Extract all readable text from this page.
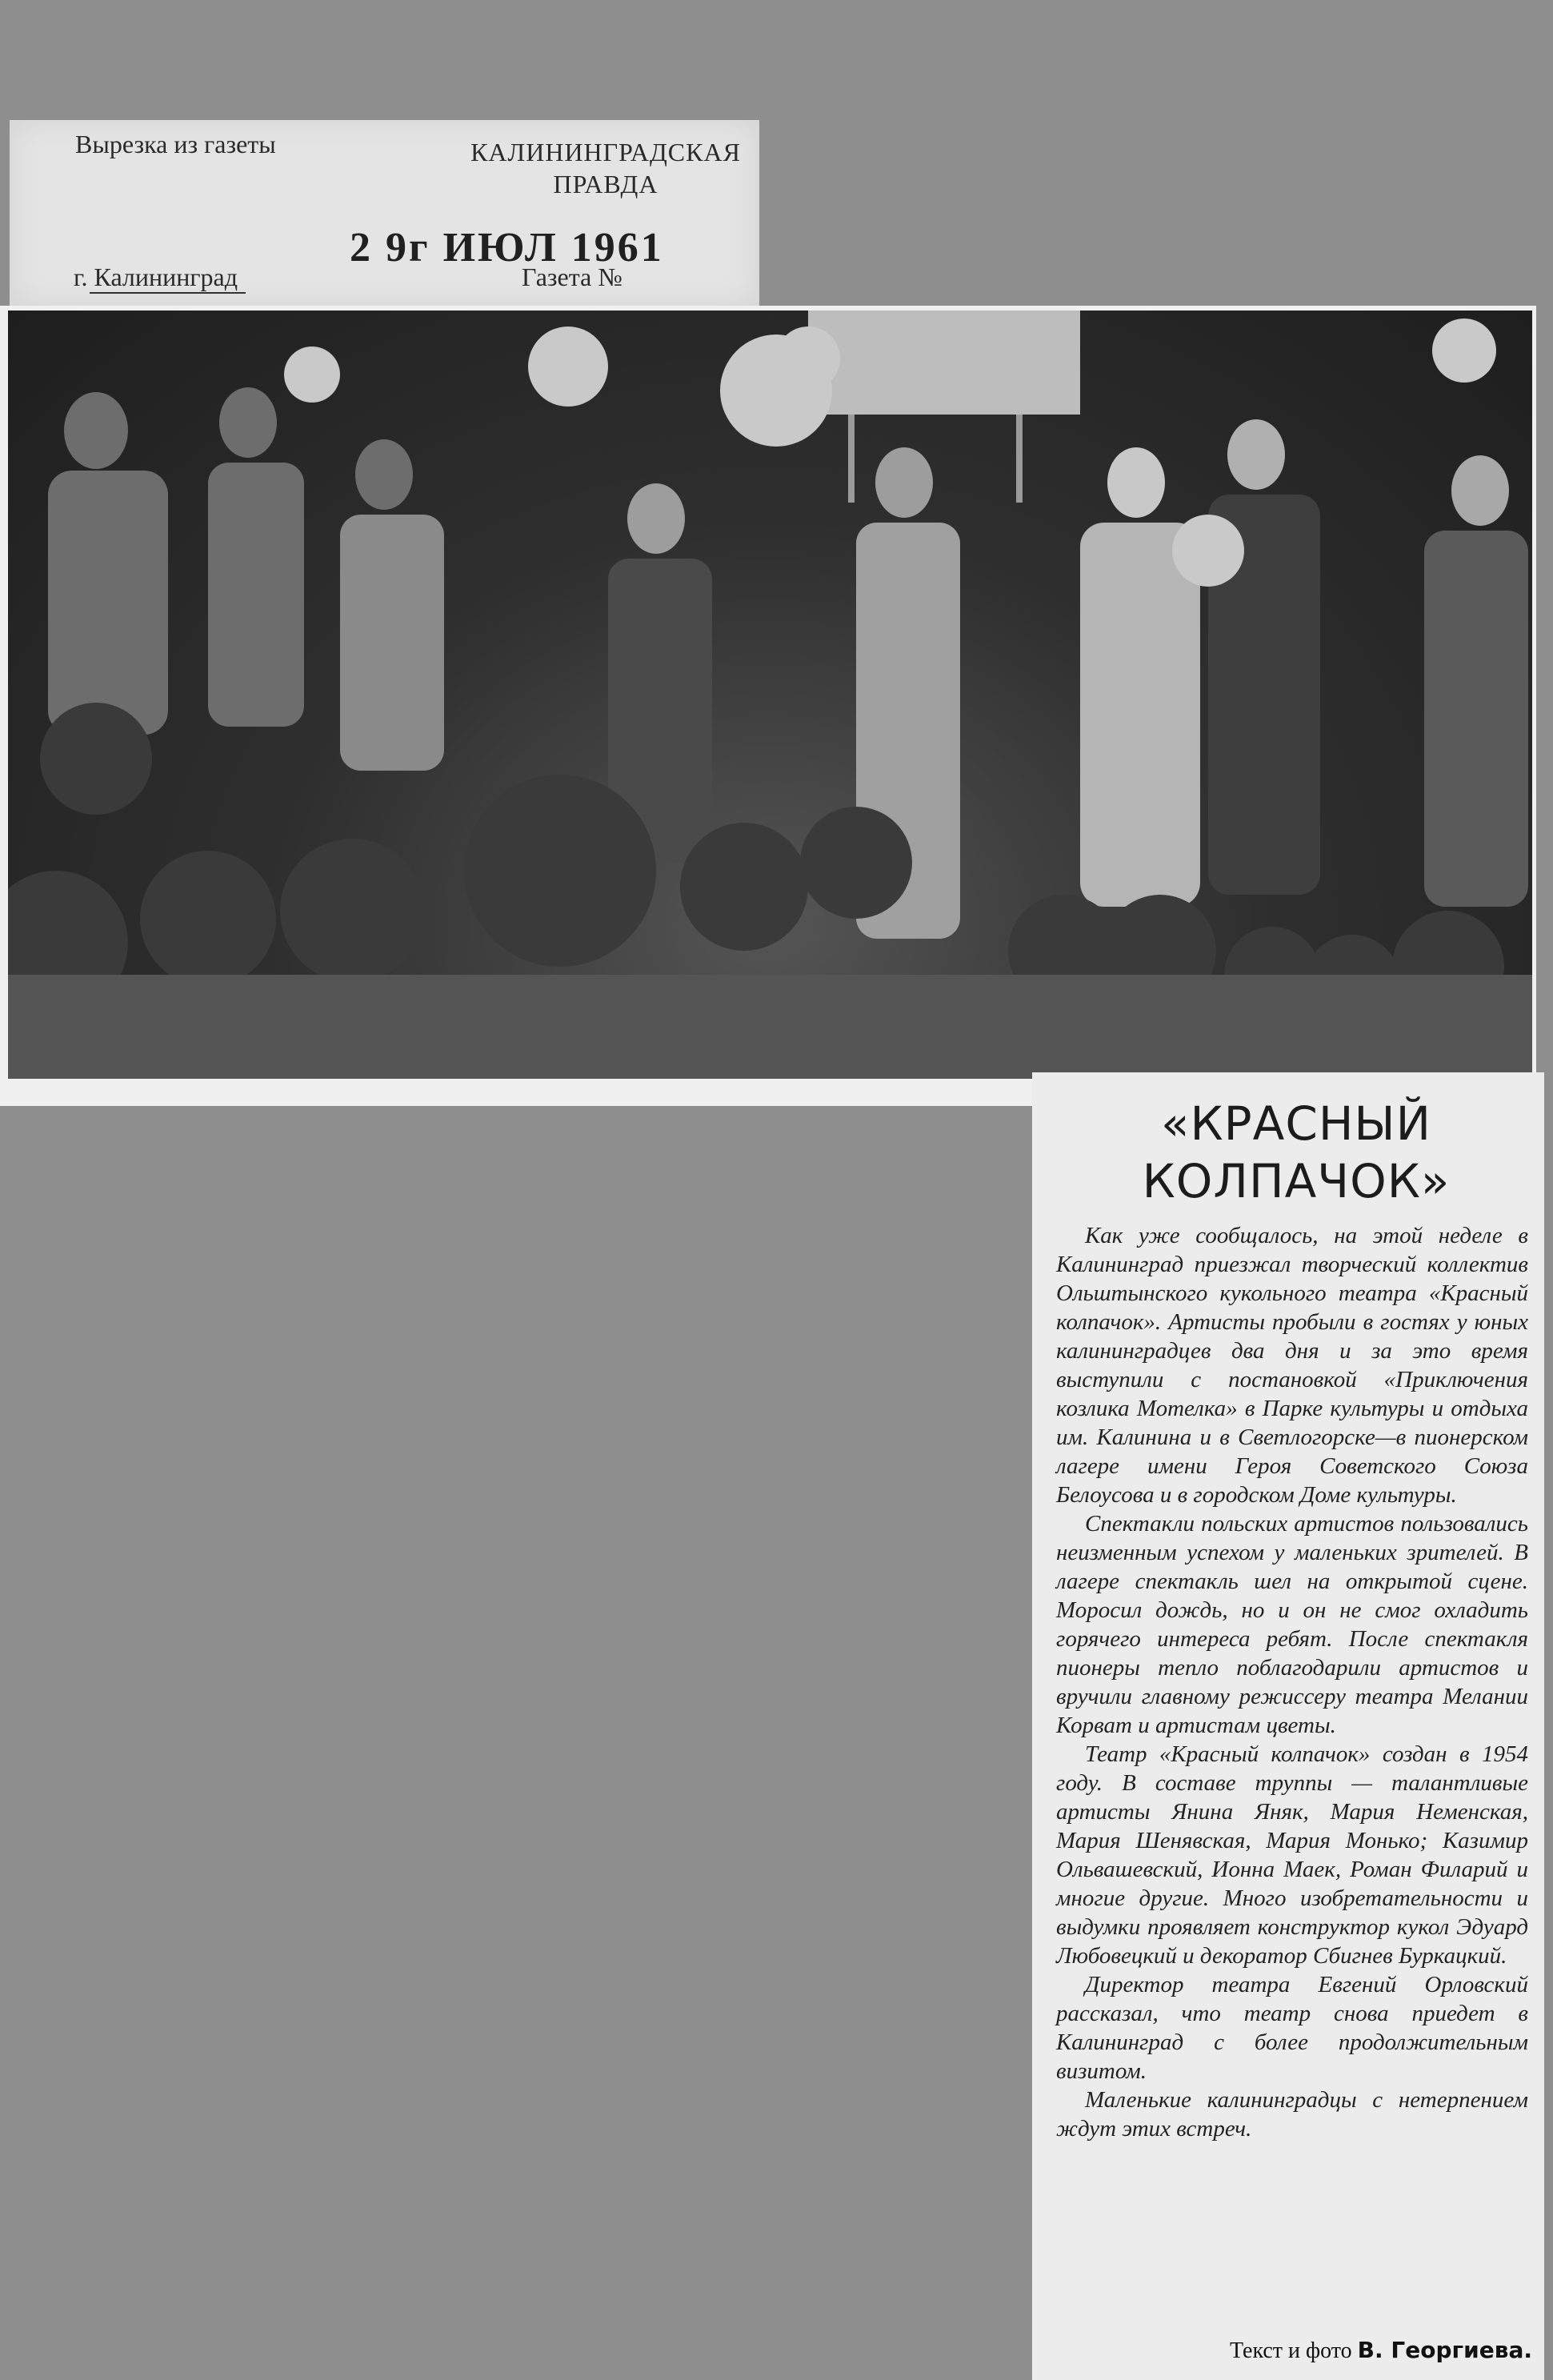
Вырезка из газеты	КАЛИНИНГРАДСКАЯ ПРАВДА
2 9г ИЮЛ 1961
г. Калининград	Газета №
«КРАСНЫЙ КОЛПАЧОК»

Как уже сообщалось, на этой неделе в Калининград приезжал творческий коллектив Ольштынского кукольного театра «Красный колпачок». Артисты пробыли в гостях у юных калининградцев два дня и за это время выступили с постановкой «Приключения козлика Мотелка» в Парке культуры и отдыха им. Калинина и в Светлогорске—в пионерском лагере имени Героя Советского Союза Белоусова и в городском Доме культуры.

Спектакли польских артистов пользовались неизменным успехом у маленьких зрителей. В лагере спектакль шел на открытой сцене. Моросил дождь, но и он не смог охладить горячего интереса ребят. После спектакля пионеры тепло поблагодарили артистов и вручили главному режиссеру театра Мелании Корват и артистам цветы.

Театр «Красный колпачок» создан в 1954 году. В составе труппы — талантливые артисты Янина Яняк, Мария Неменская, Мария Шенявская, Мария Монько; Казимир Ольвашевский, Ионна Маек, Роман Филарий и многие другие. Много изобретательности и выдумки проявляет конструктор кукол Эдуард Любовецкий и декоратор Сбигнев Буркацкий.

Директор театра Евгений Орловский рассказал, что театр снова приедет в Калининград с более продолжительным визитом.

Маленькие калининградцы с нетерпением ждут этих встреч.

Текст и фото В. Георгиева.
